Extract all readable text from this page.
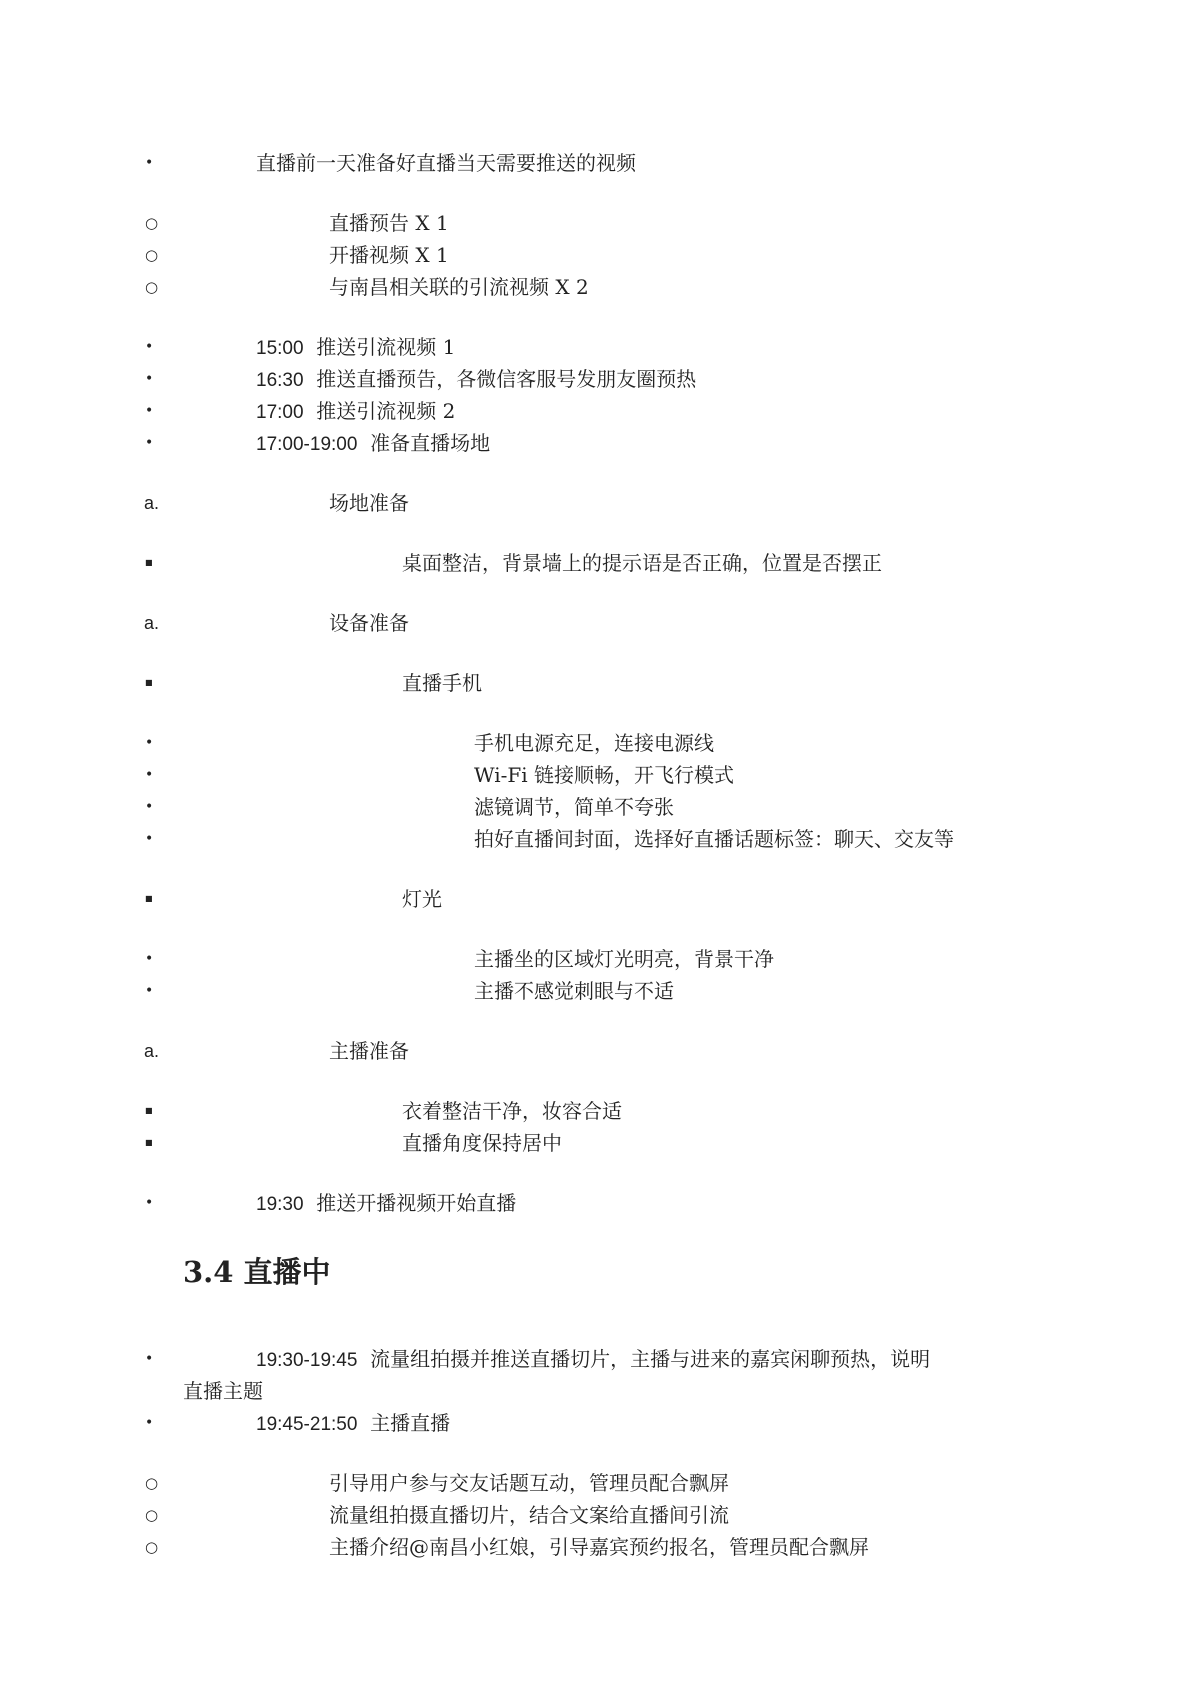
•	直播前一天准备好直播当天需要推送的视频
○	直播预告 X 1
○	开播视频 X 1
○	与南昌相关联的引流视频 X 2
•	15:00 推送引流视频 1
•	16:30 推送直播预告，各微信客服号发朋友圈预热
•	17:00 推送引流视频 2
•	17:00-19:00 准备直播场地
a.	场地准备
■	桌面整洁，背景墙上的提示语是否正确，位置是否摆正
a.	设备准备
■	直播手机
•	手机电源充足，连接电源线
•	Wi-Fi 链接顺畅，开飞行模式
•	滤镜调节，简单不夸张
•	拍好直播间封面，选择好直播话题标签：聊天、交友等
■	灯光
•	主播坐的区域灯光明亮，背景干净
•	主播不感觉刺眼与不适
a.	主播准备
■	衣着整洁干净，妆容合适
■	直播角度保持居中
•	19:30 推送开播视频开始直播
3.4 直播中
•	19:30-19:45 流量组拍摄并推送直播切片，主播与进来的嘉宾闲聊预热，说明
直播主题
•	19:45-21:50 主播直播
○	引导用户参与交友话题互动，管理员配合飘屏
○	流量组拍摄直播切片，结合文案给直播间引流
○	主播介绍@南昌小红娘，引导嘉宾预约报名，管理员配合飘屏
